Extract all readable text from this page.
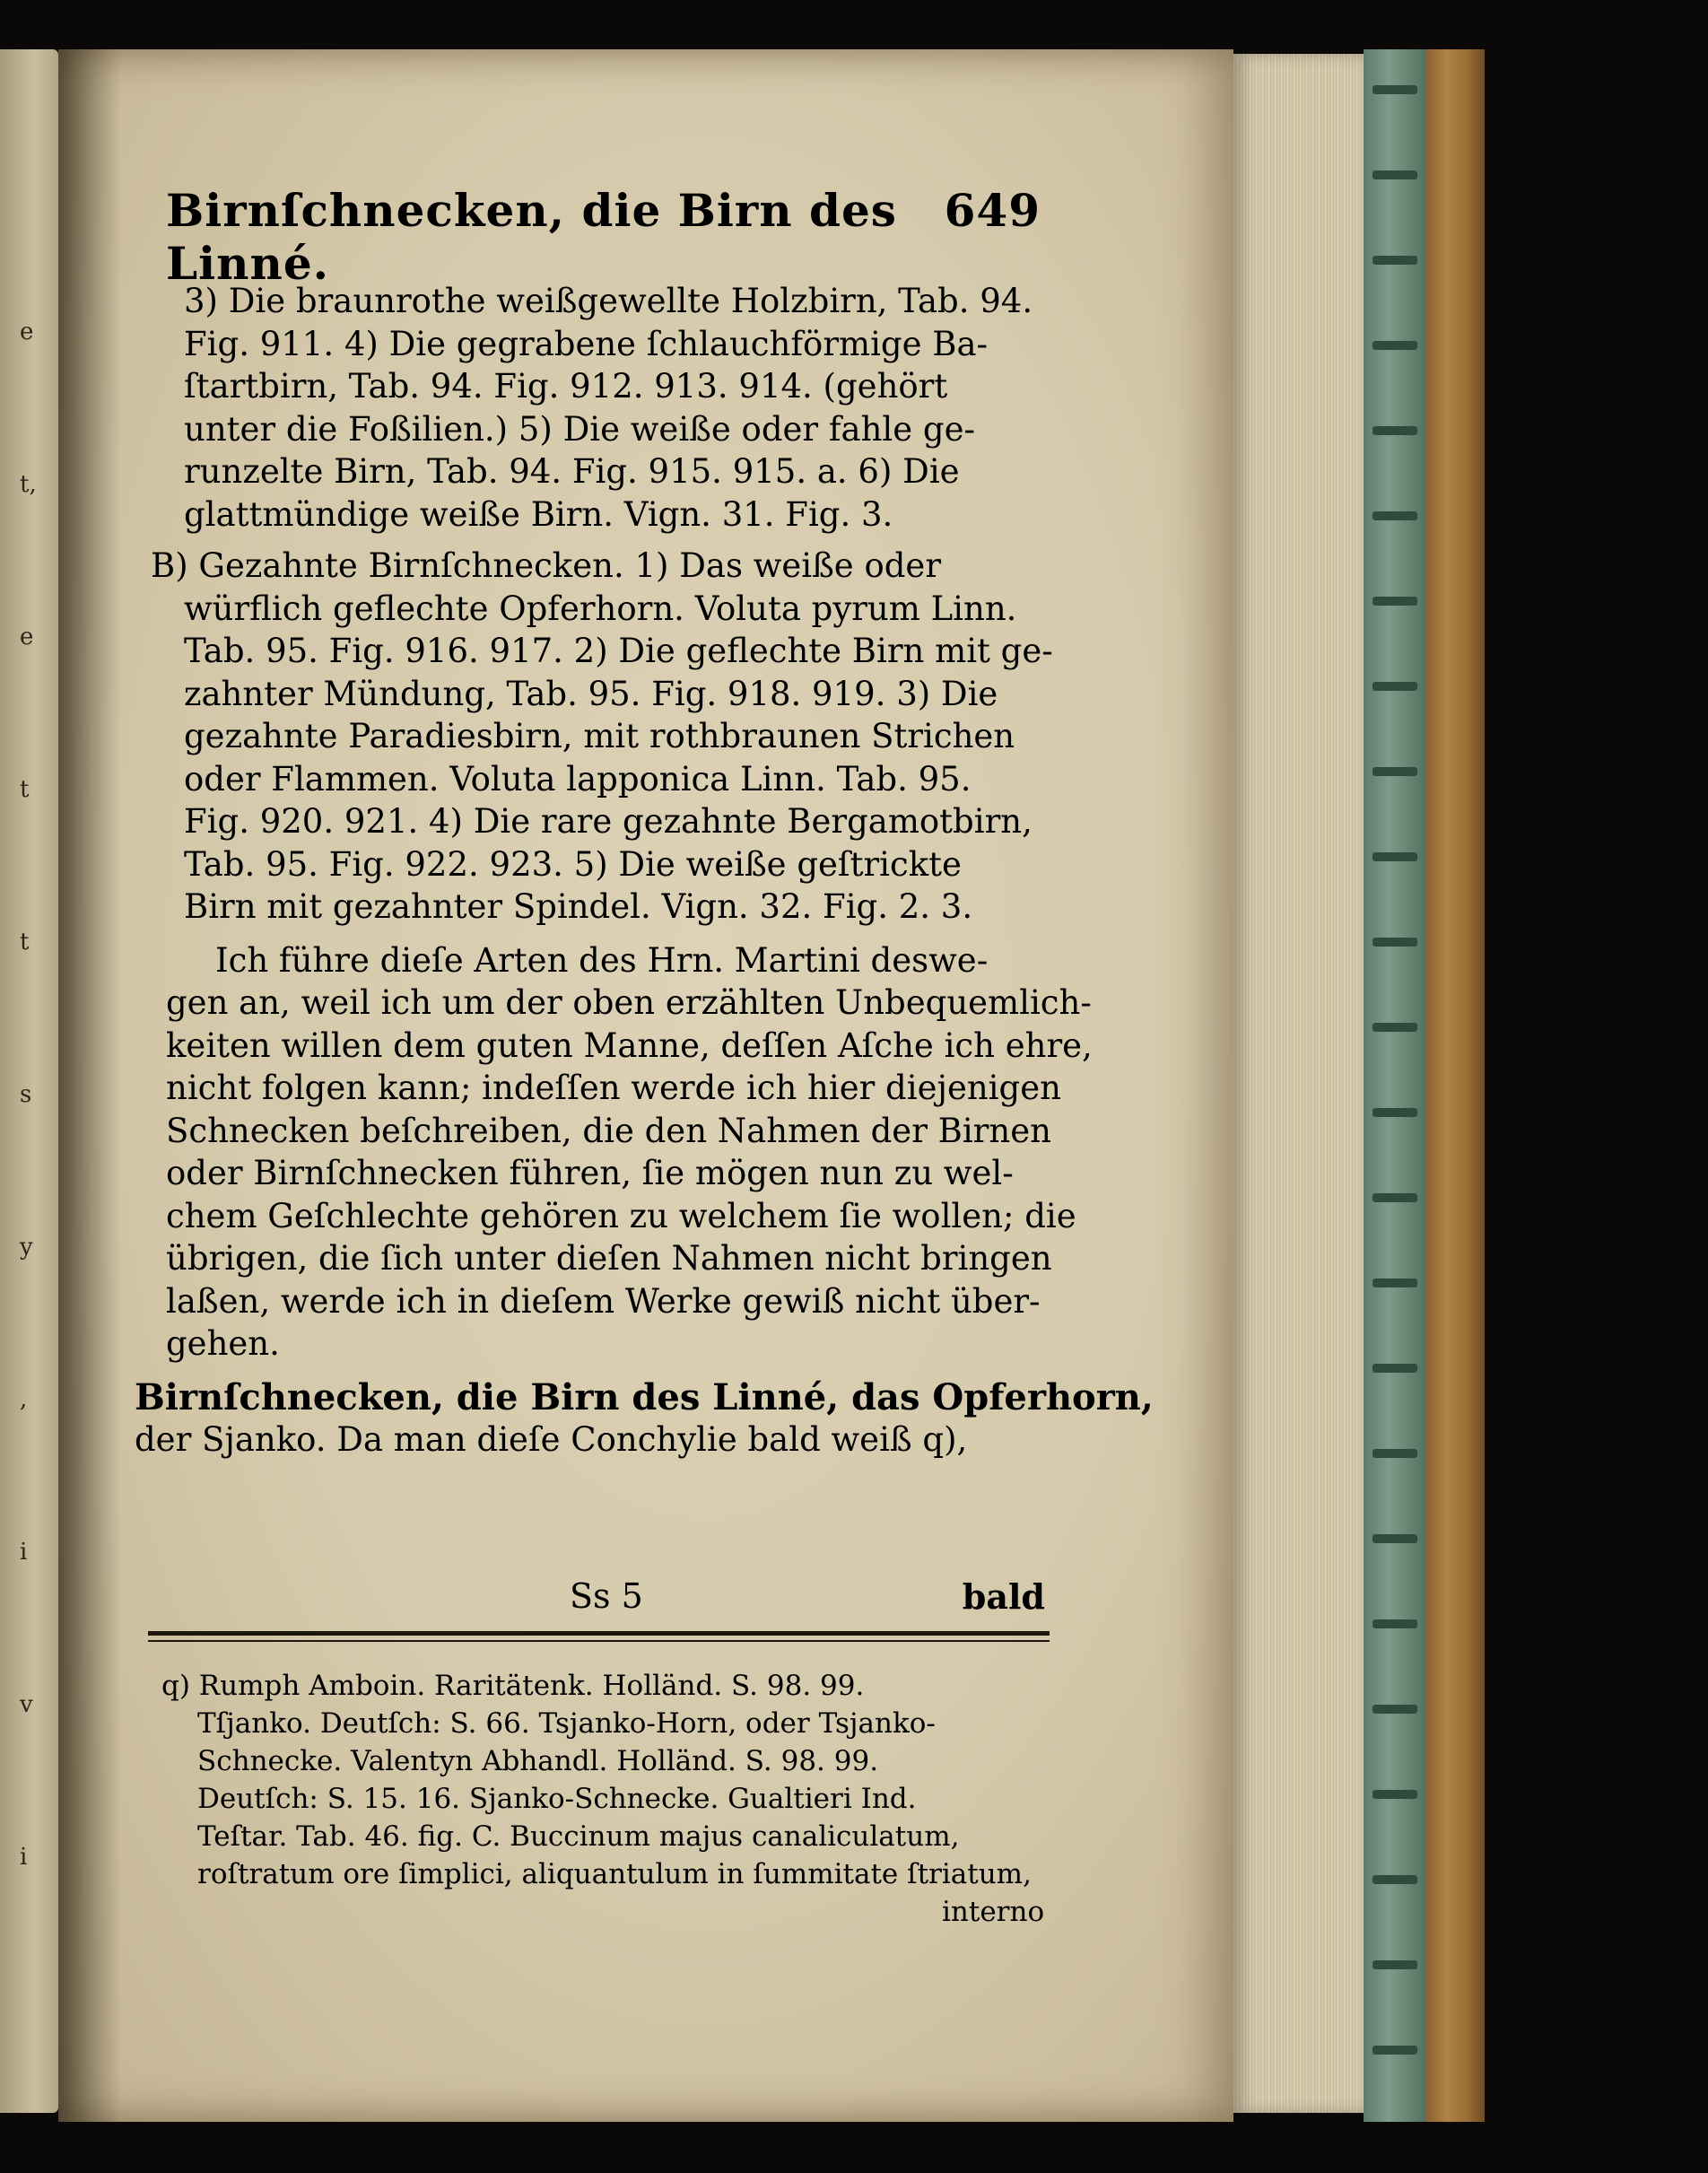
e
t,
e
t
t
s
y
,
i
v
i
Birnſchnecken, die Birn des Linné.
649
3) Die braunrothe weißgewellte Holzbirn, Tab. 94.
Fig. 911. 4) Die gegrabene ſchlauchförmige Ba-
ſtartbirn, Tab. 94. Fig. 912. 913. 914. (gehört
unter die Foßilien.) 5) Die weiße oder fahle ge-
runzelte Birn, Tab. 94. Fig. 915. 915. a. 6) Die
glattmündige weiße Birn. Vign. 31. Fig. 3.
B) Gezahnte Birnſchnecken. 1) Das weiße oder
würflich geflechte Opferhorn. Voluta pyrum Linn.
Tab. 95. Fig. 916. 917. 2) Die geflechte Birn mit ge-
zahnter Mündung, Tab. 95. Fig. 918. 919. 3) Die
gezahnte Paradiesbirn, mit rothbraunen Strichen
oder Flammen. Voluta lapponica Linn. Tab. 95.
Fig. 920. 921. 4) Die rare gezahnte Bergamotbirn,
Tab. 95. Fig. 922. 923. 5) Die weiße geſtrickte
Birn mit gezahnter Spindel. Vign. 32. Fig. 2. 3.
Ich führe dieſe Arten des Hrn. Martini deswe-
gen an, weil ich um der oben erzählten Unbequemlich-
keiten willen dem guten Manne, deſſen Aſche ich ehre,
nicht folgen kann; indeſſen werde ich hier diejenigen
Schnecken beſchreiben, die den Nahmen der Birnen
oder Birnſchnecken führen, ſie mögen nun zu wel-
chem Geſchlechte gehören zu welchem ſie wollen; die
übrigen, die ſich unter dieſen Nahmen nicht bringen
laßen, werde ich in dieſem Werke gewiß nicht über-
gehen.
Birnſchnecken, die Birn des Linné, das Opferhorn,
der Sjanko. Da man dieſe Conchylie bald weiß q),
Ss 5	bald
q) Rumph Amboin. Raritätenk. Holländ. S. 98. 99.
Tſjanko. Deutſch: S. 66. Tsjanko-Horn, oder Tsjanko-
Schnecke. Valentyn Abhandl. Holländ. S. 98. 99.
Deutſch: S. 15. 16. Sjanko-Schnecke. Gualtieri Ind.
Teſtar. Tab. 46. fig. C. Buccinum majus canaliculatum,
roſtratum ore ſimplici, aliquantulum in ſummitate ſtriatum,
interno
